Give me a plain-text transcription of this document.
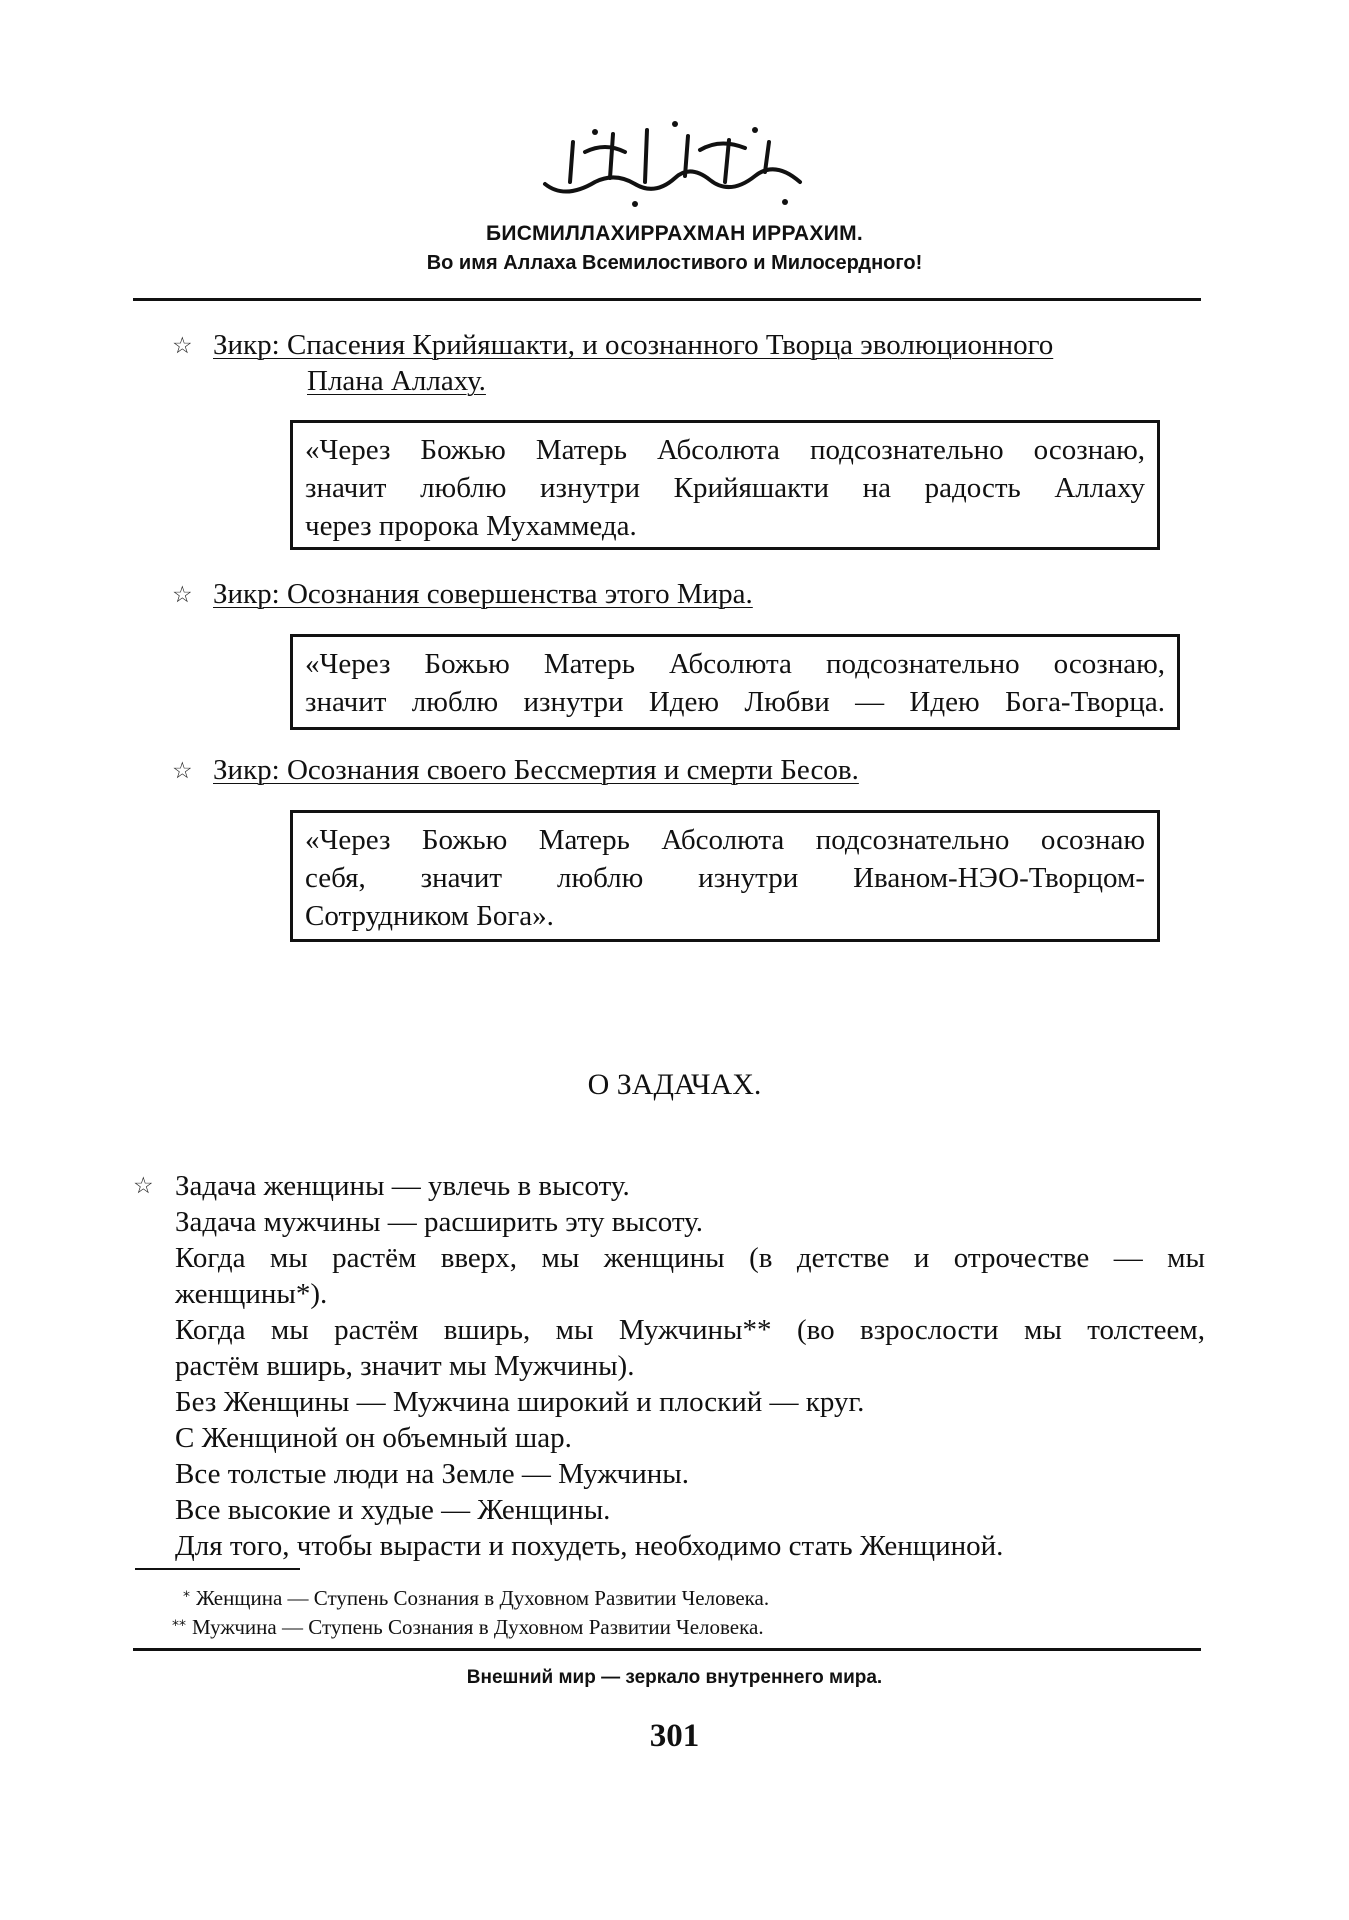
БИСМИЛЛАХИРРАХМАН ИРРАХИМ.
Во имя Аллаха Всемилостивого и Милосердного!
☆ Зикр: Спасения Крийяшакти, и осознанного Творца эволюционного
Плана Аллаху.

«Через Божью Матерь Абсолюта подсознательно осознаю,

значит люблю изнутри Крийяшакти на радость Аллаху

через пророка Мухаммеда.

☆ Зикр: Осознания совершенства этого Мира.

«Через Божью Матерь Абсолюта подсознательно осознаю,

значит люблю изнутри Идею Любви — Идею Бога-Творца.

☆ Зикр: Осознания своего Бессмертия и смерти Бесов.

«Через Божью Матерь Абсолюта подсознательно осознаю

себя, значит люблю изнутри Иваном-НЭО-Творцом-

Сотрудником Бога».

О ЗАДАЧАХ.
☆ Задача женщины — увлечь в высоту.
Задача мужчины — расширить эту высоту.
Когда мы растём вверх, мы женщины (в детстве и отрочестве — мы
женщины*).
Когда мы растём вширь, мы Мужчины** (во взрослости мы толстеем,
растём вширь, значит мы Мужчины).
Без Женщины — Мужчина широкий и плоский — круг.
С Женщиной он объемный шар.
Все толстые люди на Земле — Мужчины.
Все высокие и худые — Женщины.
Для того, чтобы вырасти и похудеть, необходимо стать Женщиной.
* Женщина — Ступень Сознания в Духовном Развитии Человека.
** Мужчина — Ступень Сознания в Духовном Развитии Человека.
Внешний мир — зеркало внутреннего мира.
301
